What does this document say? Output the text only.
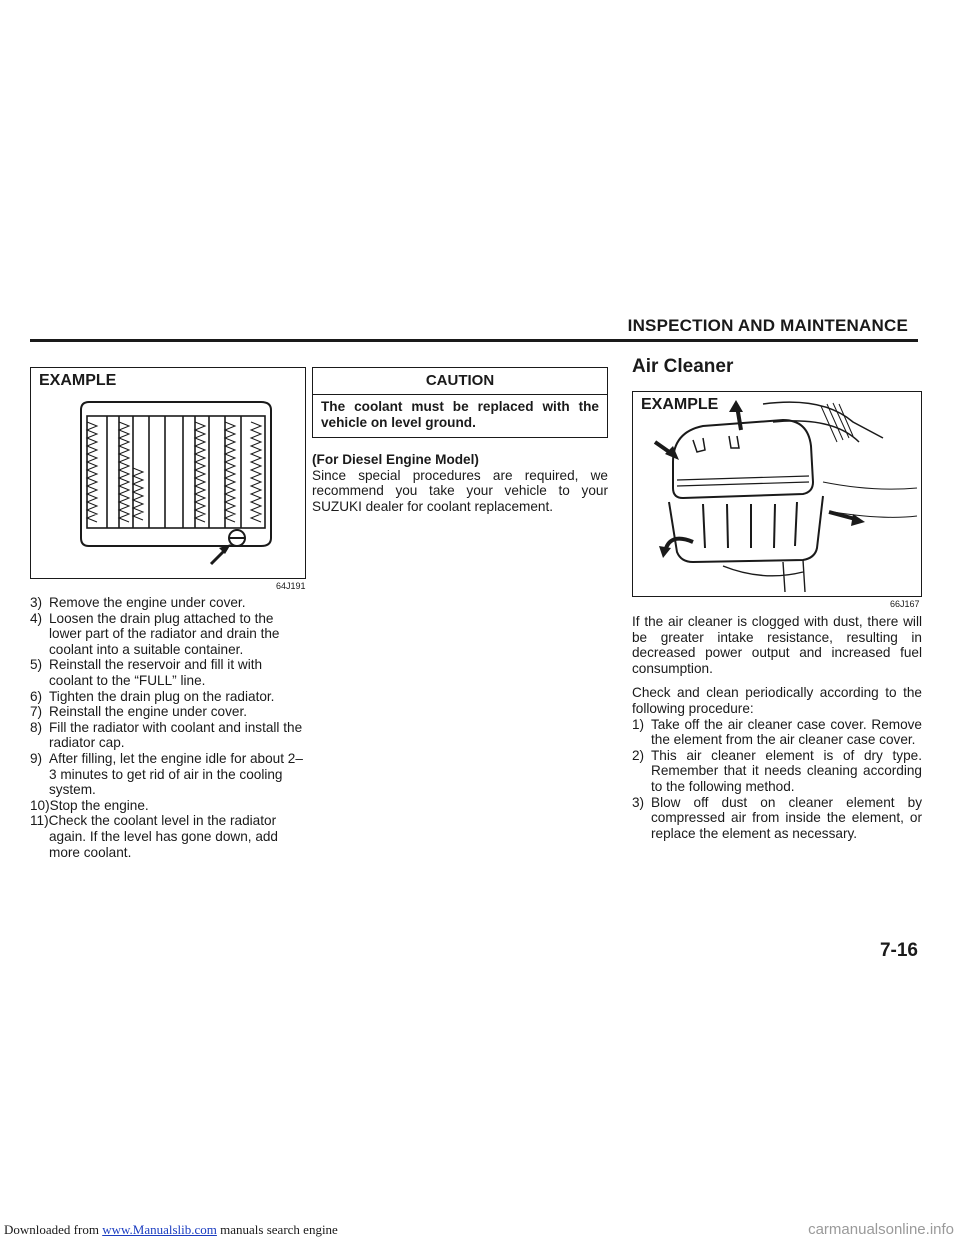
INSPECTION AND MAINTENANCE
EXAMPLE
64J191
3) Remove the engine under cover.
4) Loosen the drain plug attached to the lower part of the radiator and drain the coolant into a suitable container.
5) Reinstall the reservoir and fill it with coolant to the “FULL” line.
6) Tighten the drain plug on the radiator.
7) Reinstall the engine under cover.
8) Fill the radiator with coolant and install the radiator cap.
9) After filling, let the engine idle for about 2–3 minutes to get rid of air in the cooling system.
10)Stop the engine.
11)Check the coolant level in the radiator again. If the level has gone down, add more coolant.
CAUTION
The coolant must be replaced with the vehicle on level ground.

(For Diesel Engine Model)

Since special procedures are required, we recommend you take your vehicle to your SUZUKI dealer for coolant replacement.

Air Cleaner
EXAMPLE
66J167

If the air cleaner is clogged with dust, there will be greater intake resistance, resulting in decreased power output and increased fuel consumption.

Check and clean periodically according to the following procedure:

1) Take off the air cleaner case cover. Remove the element from the air cleaner case cover.
2) This air cleaner element is of dry type. Remember that it needs cleaning according to the following method.
3) Blow off dust on cleaner element by compressed air from inside the element, or replace the element as necessary.
7-16
Downloaded from www.Manualslib.com manuals search engine	carmanualsonline.info
